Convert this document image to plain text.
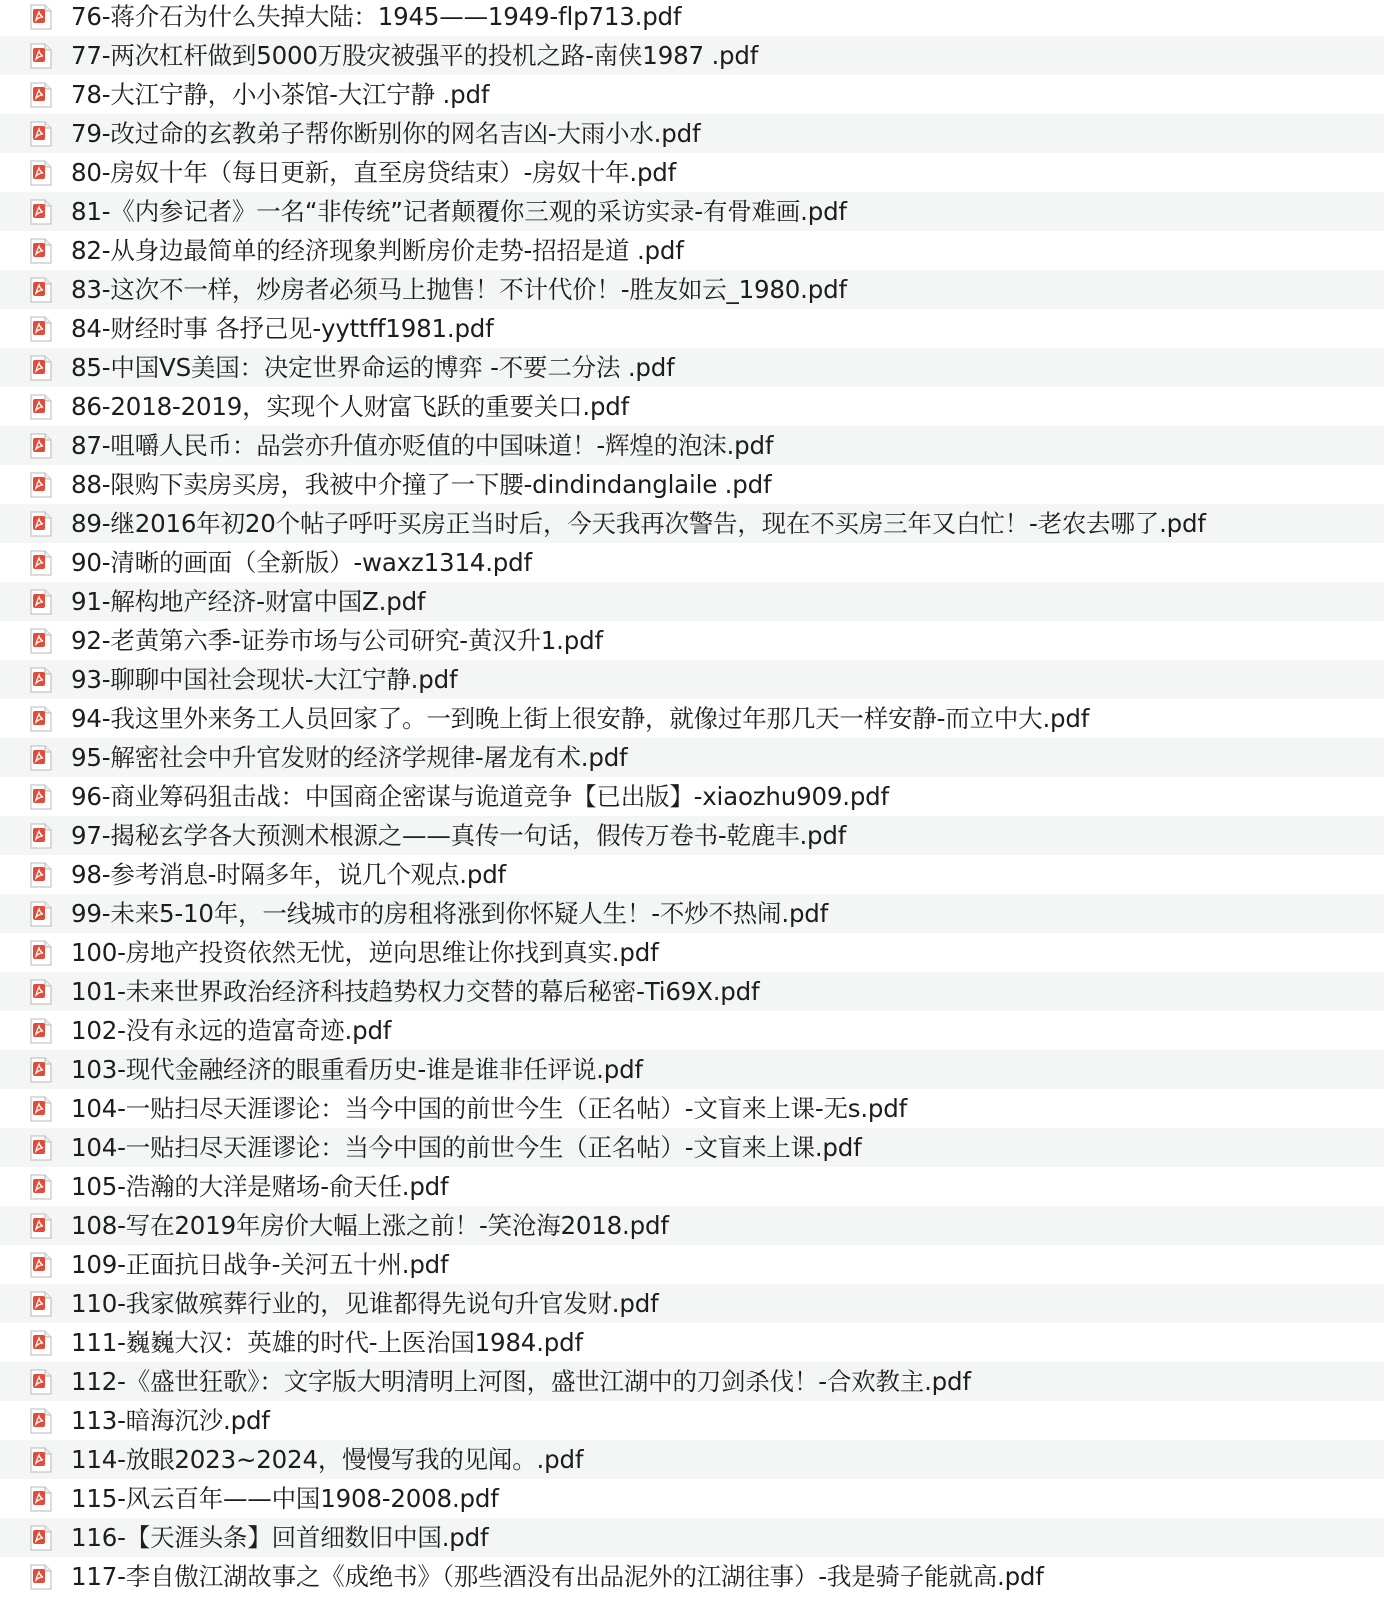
76-蒋介石为什么失掉大陆：1945——1949-flp713.pdf
77-两次杠杆做到5000万股灾被强平的投机之路-南侠1987 .pdf
78-大江宁静，小小茶馆-大江宁静 .pdf
79-改过命的玄教弟子帮你断别你的网名吉凶-大雨小水.pdf
80-房奴十年（每日更新，直至房贷结束）-房奴十年.pdf
81-《内参记者》一名“非传统”记者颠覆你三观的采访实录-有骨难画.pdf
82-从身边最简单的经济现象判断房价走势-招招是道 .pdf
83-这次不一样，炒房者必须马上抛售！不计代价！-胜友如云_1980.pdf
84-财经时事 各抒己见-yyttff1981.pdf
85-中国VS美国：决定世界命运的博弈 -不要二分法 .pdf
86-2018-2019，实现个人财富飞跃的重要关口.pdf
87-咀嚼人民币：品尝亦升值亦贬值的中国味道！-辉煌的泡沫.pdf
88-限购下卖房买房，我被中介撞了一下腰-dindindanglaile .pdf
89-继2016年初20个帖子呼吁买房正当时后，今天我再次警告，现在不买房三年又白忙！-老农去哪了.pdf
90-清晰的画面（全新版）-waxz1314.pdf
91-解构地产经济-财富中国Z.pdf
92-老黄第六季-证券市场与公司研究-黄汉升1.pdf
93-聊聊中国社会现状-大江宁静.pdf
94-我这里外来务工人员回家了。一到晚上街上很安静，就像过年那几天一样安静-而立中大.pdf
95-解密社会中升官发财的经济学规律-屠龙有术.pdf
96-商业筹码狙击战：中国商企密谋与诡道竞争【已出版】-xiaozhu909.pdf
97-揭秘玄学各大预测术根源之——真传一句话，假传万卷书-乾鹿丰.pdf
98-参考消息-时隔多年，说几个观点.pdf
99-未来5-10年，一线城市的房租将涨到你怀疑人生！-不炒不热闹.pdf
100-房地产投资依然无忧，逆向思维让你找到真实.pdf
101-未来世界政治经济科技趋势权力交替的幕后秘密-Ti69X.pdf
102-没有永远的造富奇迹.pdf
103-现代金融经济的眼重看历史-谁是谁非任评说.pdf
104-一贴扫尽天涯谬论：当今中国的前世今生（正名帖）-文盲来上课-无s.pdf
104-一贴扫尽天涯谬论：当今中国的前世今生（正名帖）-文盲来上课.pdf
105-浩瀚的大洋是赌场-俞天任.pdf
108-写在2019年房价大幅上涨之前！-笑沧海2018.pdf
109-正面抗日战争-关河五十州.pdf
110-我家做殡葬行业的，见谁都得先说句升官发财.pdf
111-巍巍大汉：英雄的时代-上医治国1984.pdf
112-《盛世狂歌》：文字版大明清明上河图，盛世江湖中的刀剑杀伐！-合欢教主.pdf
113-暗海沉沙.pdf
114-放眼2023~2024，慢慢写我的见闻。.pdf
115-风云百年——中国1908-2008.pdf
116-【天涯头条】回首细数旧中国.pdf
117-李自傲江湖故事之《成绝书》（那些酒没有出品泥外的江湖往事）-我是骑子能就高.pdf
